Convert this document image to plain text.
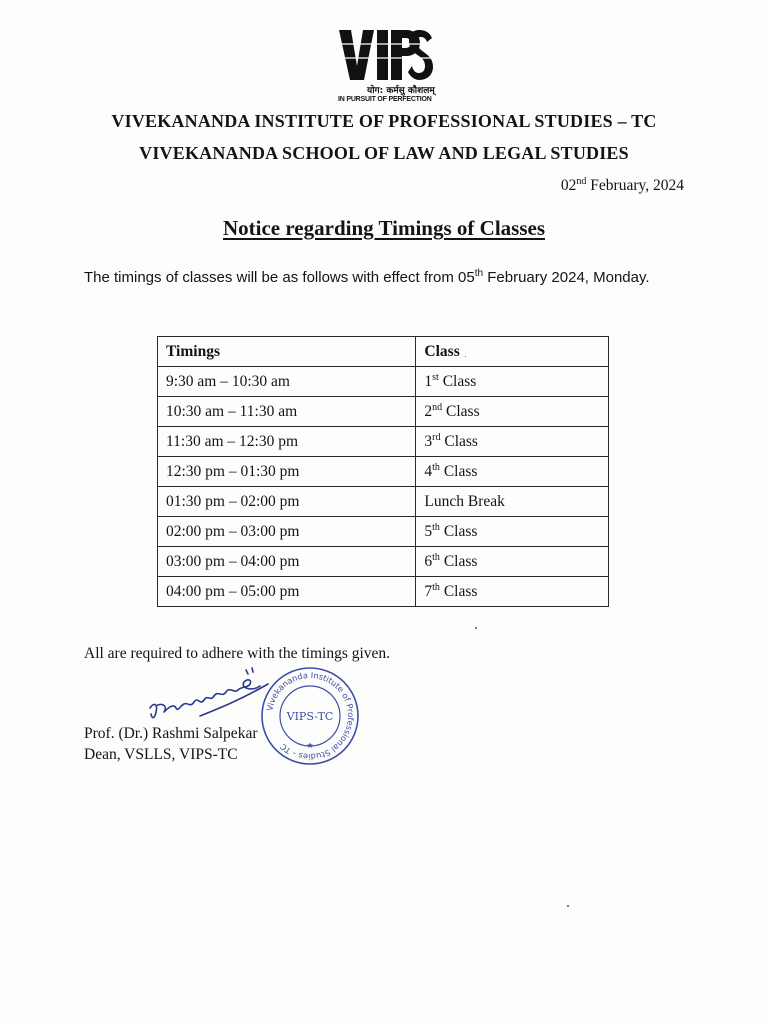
योग: कर्मसु कौशलम्
IN PURSUIT OF PERFECTION
VIVEKANANDA INSTITUTE OF PROFESSIONAL STUDIES – TC
VIVEKANANDA SCHOOL OF LAW AND LEGAL STUDIES
02nd February, 2024
Notice regarding Timings of Classes
The timings of classes will be as follows with effect from 05th February 2024, Monday.
Timings	Class
9:30 am – 10:30 am	1st Class
10:30 am – 11:30 am	2nd Class
11:30 am – 12:30 pm	3rd Class
12:30 pm – 01:30 pm	4th Class
01:30 pm – 02:00 pm	Lunch Break
02:00 pm – 03:00 pm	5th Class
03:00 pm – 04:00 pm	6th Class
04:00 pm – 05:00 pm	7th Class
All are required to adhere with the timings given.
Vivekananda Institute of Professional Studies - TC
VIPS-TC
★
Prof. (Dr.) Rashmi Salpekar
Dean, VSLLS, VIPS-TC
